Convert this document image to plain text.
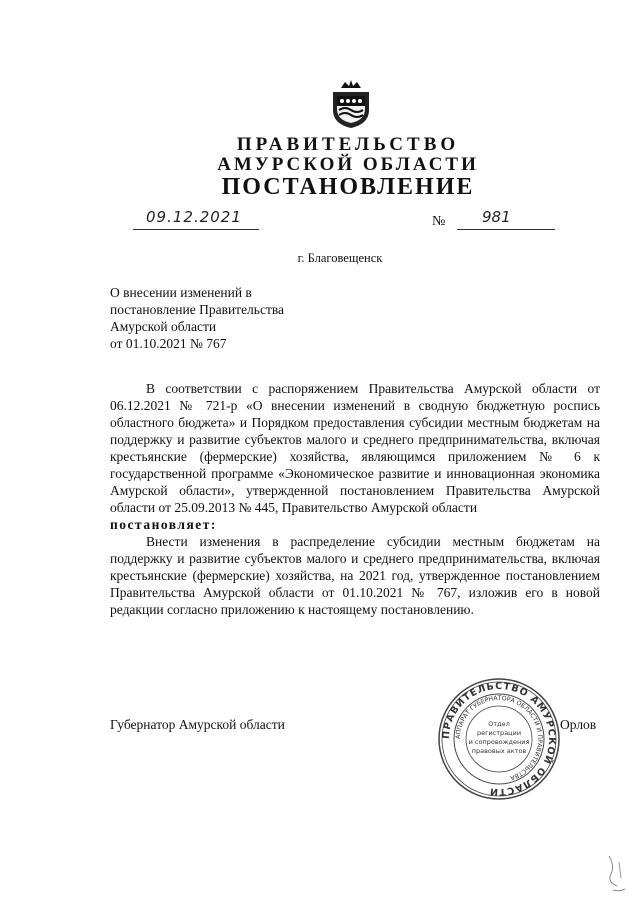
ПРАВИТЕЛЬСТВО
АМУРСКОЙ ОБЛАСТИ
ПОСТАНОВЛЕНИЕ
09.12.2021	№ 981
г. Благовещенск
О внесении изменений в
постановление Правительства
Амурской области
от 01.10.2021 № 767

В соответствии с распоряжением Правительства Амурской области от 06.12.2021 № 721-р «О внесении изменений в сводную бюджетную роспись областного бюджета» и Порядком предоставления субсидии местным бюджетам на поддержку и развитие субъектов малого и среднего предпринимательства, включая крестьянские (фермерские) хозяйства, являющимся приложением № 6 к государственной программе «Экономическое развитие и инновационная экономика Амурской области», утвержденной постановлением Правительства Амурской области от 25.09.2013 № 445, Правительство Амурской области

постановляет:

Внести изменения в распределение субсидии местным бюджетам на поддержку и развитие субъектов малого и среднего предпринимательства, включая крестьянские (фермерские) хозяйства, на 2021 год, утвержденное постановлением Правительства Амурской области от 01.10.2021 № 767, изложив его в новой редакции согласно приложению к настоящему постановлению.

Губернатор Амурской области
ПРАВИТЕЛЬСТВО АМУРСКОЙ ОБЛАСТИ
АППАРАТ ГУБЕРНАТОРА ОБЛАСТИ И ПРАВИТЕЛЬСТВА
Отдел
регистрации
и сопровождения
правовых актов
Орлов
